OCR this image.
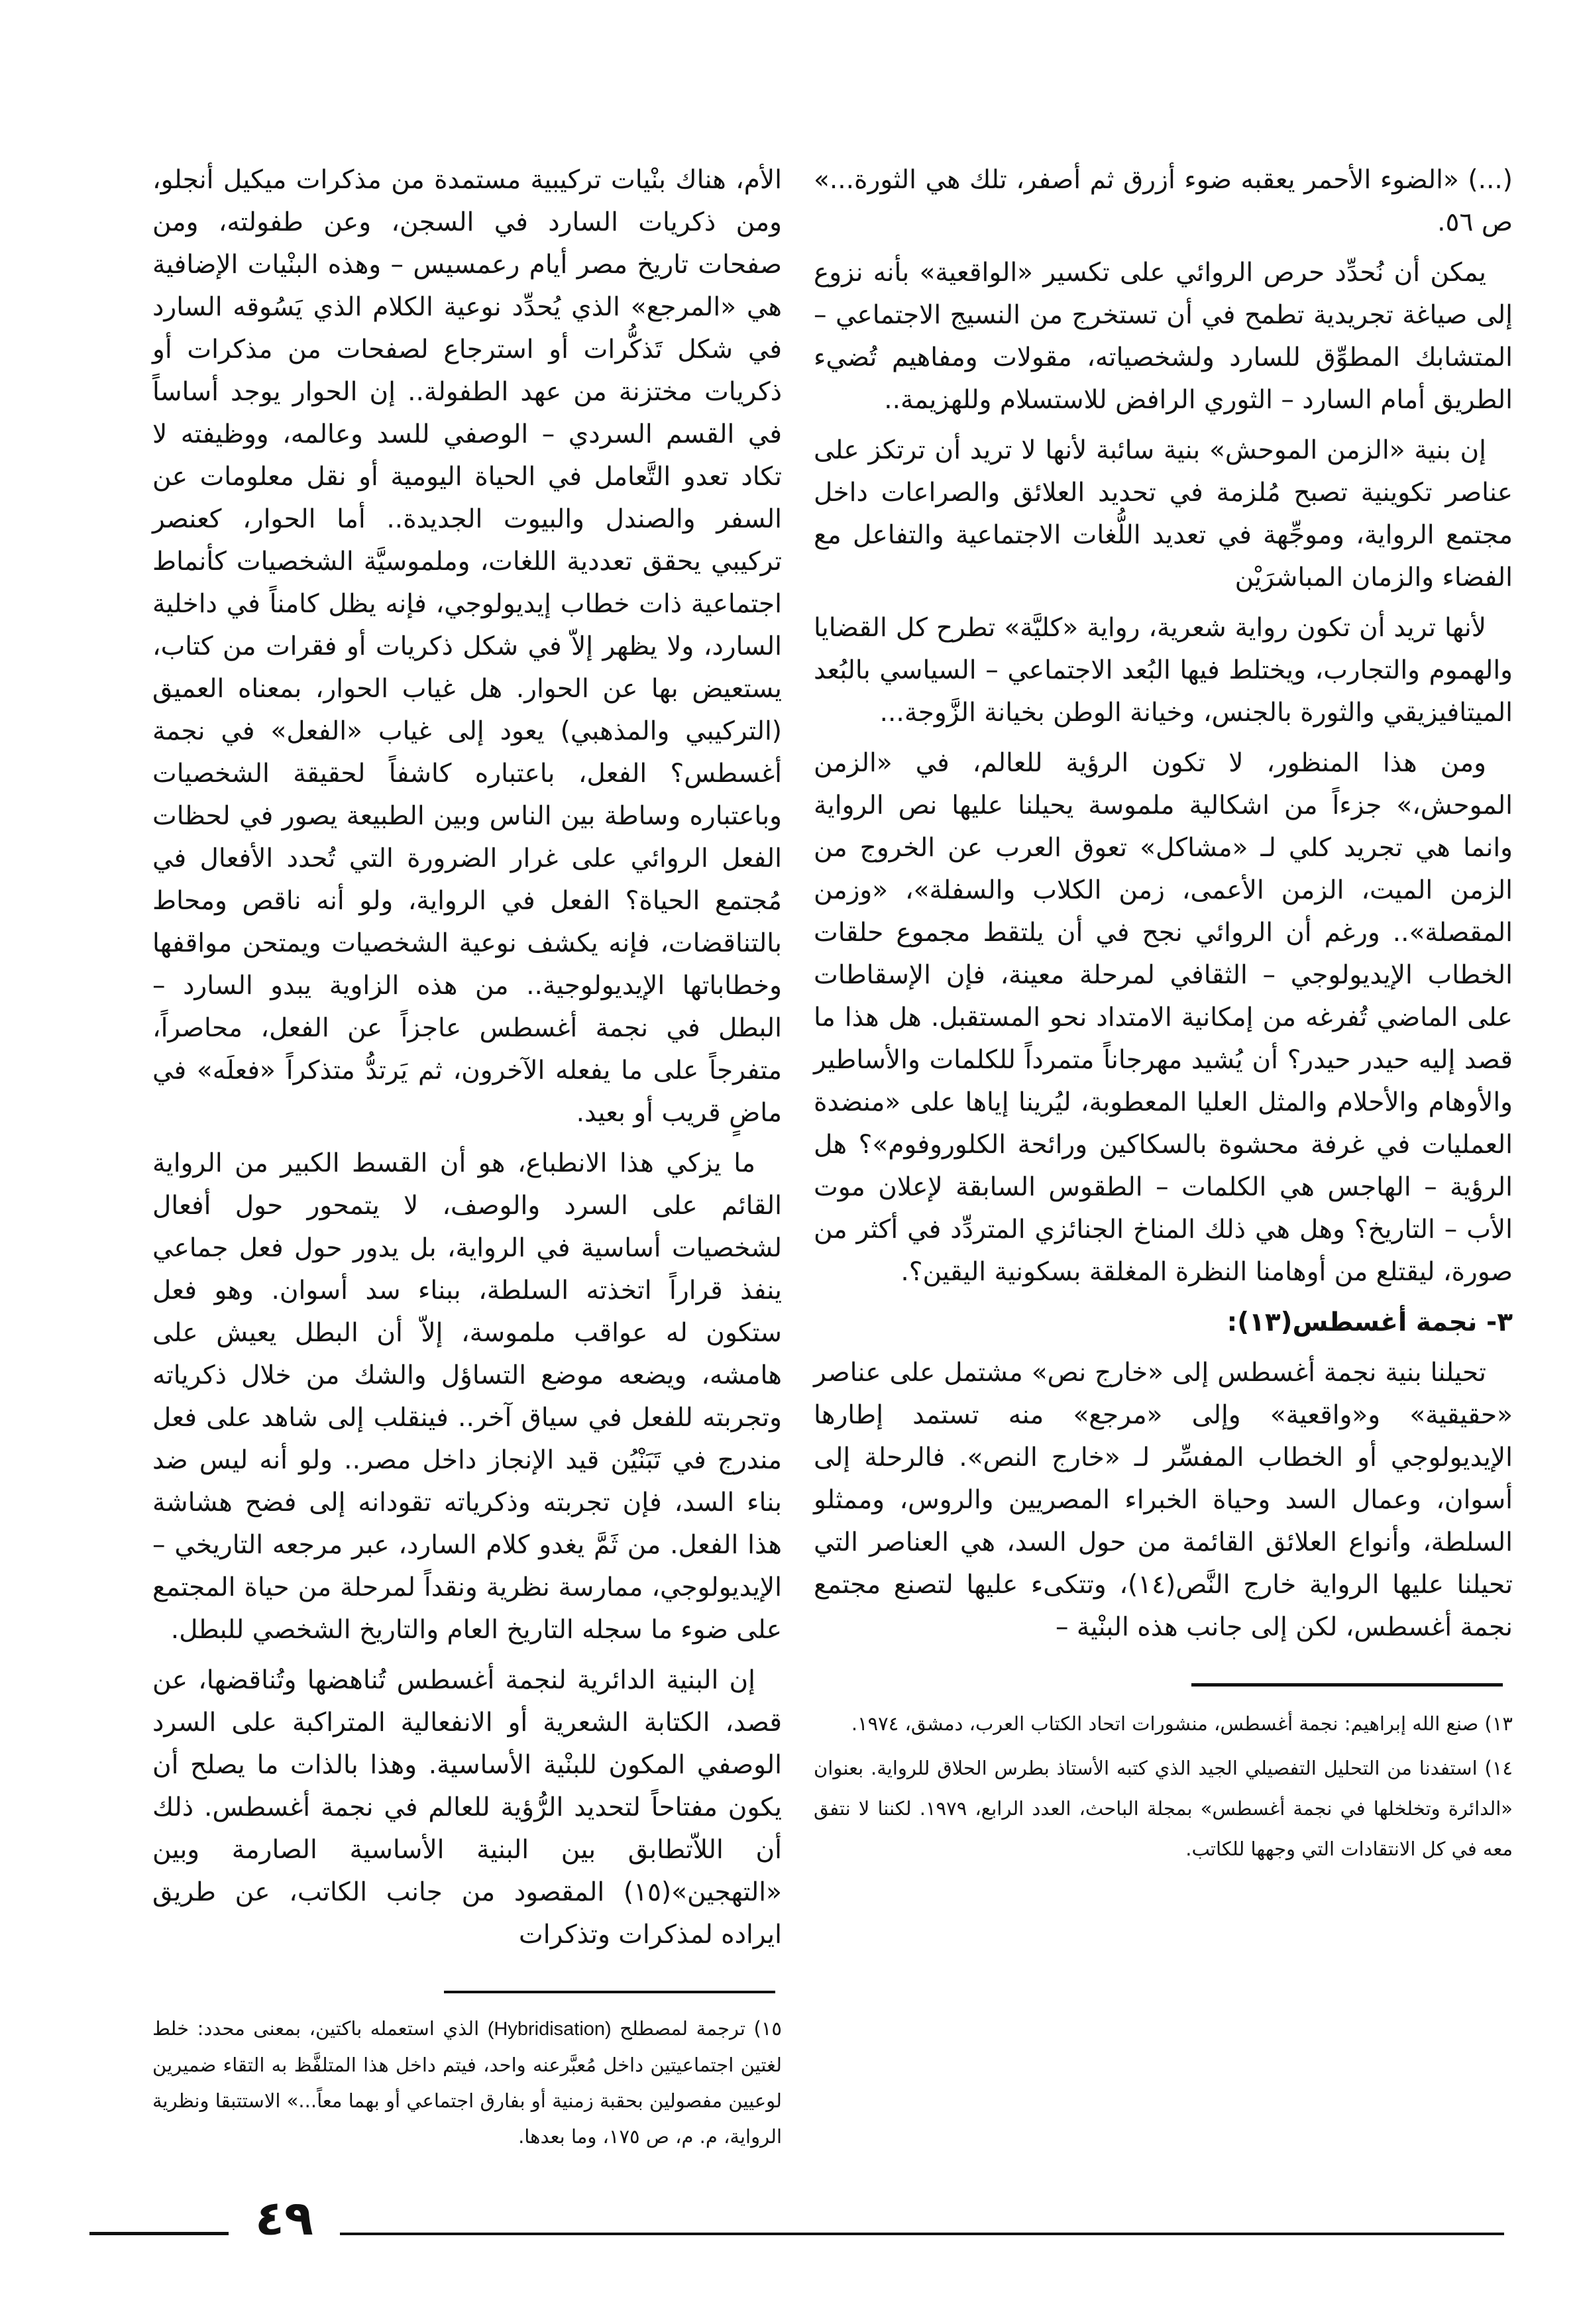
(...) «الضوء الأحمر يعقبه ضوء أزرق ثم أصفر، تلك هي الثورة...» ص ٥٦.

يمكن أن نُحدِّد حرص الروائي على تكسير «الواقعية» بأنه نزوع إلى صياغة تجريدية تطمح في أن تستخرج من النسيج الاجتماعي – المتشابك المطوِّق للسارد ولشخصياته، مقولات ومفاهيم تُضيء الطريق أمام السارد – الثوري الرافض للاستسلام وللهزيمة..

إن بنية «الزمن الموحش» بنية سائبة لأنها لا تريد أن ترتكز على عناصر تكوينية تصبح مُلزمة في تحديد العلائق والصراعات داخل مجتمع الرواية، وموجِّهة في تعديد اللُّغات الاجتماعية والتفاعل مع الفضاء والزمان المباشرَيْن

لأنها تريد أن تكون رواية شعرية، رواية «كليَّة» تطرح كل القضايا والهموم والتجارب، ويختلط فيها البُعد الاجتماعي – السياسي بالبُعد الميتافيزيقي والثورة بالجنس، وخيانة الوطن بخيانة الزَّوجة...

ومن هذا المنظور، لا تكون الرؤية للعالم، في «الزمن الموحش،» جزءاً من اشكالية ملموسة يحيلنا عليها نص الرواية وانما هي تجريد كلي لـ «مشاكل» تعوق العرب عن الخروج من الزمن الميت، الزمن الأعمى، زمن الكلاب والسفلة»، «وزمن المقصلة».. ورغم أن الروائي نجح في أن يلتقط مجموع حلقات الخطاب الإيديولوجي – الثقافي لمرحلة معينة، فإن الإسقاطات على الماضي تُفرغه من إمكانية الامتداد نحو المستقبل. هل هذا ما قصد إليه حيدر حيدر؟ أن يُشيد مهرجاناً متمرداً للكلمات والأساطير والأوهام والأحلام والمثل العليا المعطوبة، ليُرينا إياها على «منضدة العمليات في غرفة محشوة بالسكاكين ورائحة الكلوروفوم»؟ هل الرؤية – الهاجس هي الكلمات – الطقوس السابقة لإعلان موت الأب – التاريخ؟ وهل هي ذلك المناخ الجنائزي المتردِّد في أكثر من صورة، ليقتلع من أوهامنا النظرة المغلقة بسكونية اليقين؟.

٣- نجمة أغسطس(١٣):

تحيلنا بنية نجمة أغسطس إلى «خارج نص» مشتمل على عناصر «حقيقية» و«واقعية» وإلى «مرجع» منه تستمد إطارها الإيديولوجي أو الخطاب المفسِّر لـ «خارج النص». فالرحلة إلى أسوان، وعمال السد وحياة الخبراء المصريين والروس، وممثلو السلطة، وأنواع العلائق القائمة من حول السد، هي العناصر التي تحيلنا عليها الرواية خارج النَّص(١٤)، وتتكىء عليها لتصنع مجتمع نجمة أغسطس، لكن إلى جانب هذه البنْية –

١٣) صنع الله إبراهيم: نجمة أغسطس، منشورات اتحاد الكتاب العرب، دمشق، ١٩٧٤.

١٤) استفدنا من التحليل التفصيلي الجيد الذي كتبه الأستاذ بطرس الحلاق للرواية. بعنوان «الدائرة وتخلخلها في نجمة أغسطس» بمجلة الباحث، العدد الرابع، ١٩٧٩. لكننا لا نتفق معه في كل الانتقادات التي وجهها للكاتب.

الأم، هناك بنْيات تركيبية مستمدة من مذكرات ميكيل أنجلو، ومن ذكريات السارد في السجن، وعن طفولته، ومن صفحات تاريخ مصر أيام رعمسيس – وهذه البنْيات الإضافية هي «المرجع» الذي يُحدِّد نوعية الكلام الذي يَسُوقه السارد في شكل تَذكُّرات أو استرجاع لصفحات من مذكرات أو ذكريات مختزنة من عهد الطفولة.. إن الحوار يوجد أساساً في القسم السردي – الوصفي للسد وعالمه، ووظيفته لا تكاد تعدو التَّعامل في الحياة اليومية أو نقل معلومات عن السفر والصندل والبيوت الجديدة.. أما الحوار، كعنصر تركيبي يحقق تعددية اللغات، وملموسيَّة الشخصيات كأنماط اجتماعية ذات خطاب إيديولوجي، فإنه يظل كامناً في داخلية السارد، ولا يظهر إلاّ في شكل ذكريات أو فقرات من كتاب، يستعيض بها عن الحوار. هل غياب الحوار، بمعناه العميق (التركيبي والمذهبي) يعود إلى غياب «الفعل» في نجمة أغسطس؟ الفعل، باعتباره كاشفاً لحقيقة الشخصيات وباعتباره وساطة بين الناس وبين الطبيعة يصور في لحظات الفعل الروائي على غرار الضرورة التي تُحدد الأفعال في مُجتمع الحياة؟ الفعل في الرواية، ولو أنه ناقص ومحاط بالتناقضات، فإنه يكشف نوعية الشخصيات ويمتحن مواقفها وخطاباتها الإيديولوجية.. من هذه الزاوية يبدو السارد – البطل في نجمة أغسطس عاجزاً عن الفعل، محاصراً، متفرجاً على ما يفعله الآخرون، ثم يَرتدُّ متذكراً «فعلَه» في ماضٍ قريب أو بعيد.

ما يزكي هذا الانطباع، هو أن القسط الكبير من الرواية القائم على السرد والوصف، لا يتمحور حول أفعال لشخصيات أساسية في الرواية، بل يدور حول فعل جماعي ينفذ قراراً اتخذته السلطة، ببناء سد أسوان. وهو فعل ستكون له عواقب ملموسة، إلاّ أن البطل يعيش على هامشه، ويضعه موضع التساؤل والشك من خلال ذكرياته وتجربته للفعل في سياق آخر.. فينقلب إلى شاهد على فعل مندرج في تَبَنْيُن قيد الإنجاز داخل مصر.. ولو أنه ليس ضد بناء السد، فإن تجربته وذكرياته تقودانه إلى فضح هشاشة هذا الفعل. من ثَمَّ يغدو كلام السارد، عبر مرجعه التاريخي – الإيديولوجي، ممارسة نظرية ونقداً لمرحلة من حياة المجتمع على ضوء ما سجله التاريخ العام والتاريخ الشخصي للبطل.

إن البنية الدائرية لنجمة أغسطس تُناهضها وتُناقضها، عن قصد، الكتابة الشعرية أو الانفعالية المتراكبة على السرد الوصفي المكون للبنْية الأساسية. وهذا بالذات ما يصلح أن يكون مفتاحاً لتحديد الرُّؤية للعالم في نجمة أغسطس. ذلك أن اللاّتطابق بين البنية الأساسية الصارمة وبين «التهجين»(١٥) المقصود من جانب الكاتب، عن طريق ايراده لمذكرات وتذكرات

١٥) ترجمة لمصطلح (Hybridisation) الذي استعمله باكتين، بمعنى محدد: خلط لغتين اجتماعيتين داخل مُعبَّرعنه واحد، فيتم داخل هذا المتلفَّظ به التقاء ضميرين لوعيين مفصولين بحقبة زمنية أو بفارق اجتماعي أو بهما معاً...» الاستتبقا ونظرية الرواية، م. م، ص ١٧٥، وما بعدها.

٤٩
